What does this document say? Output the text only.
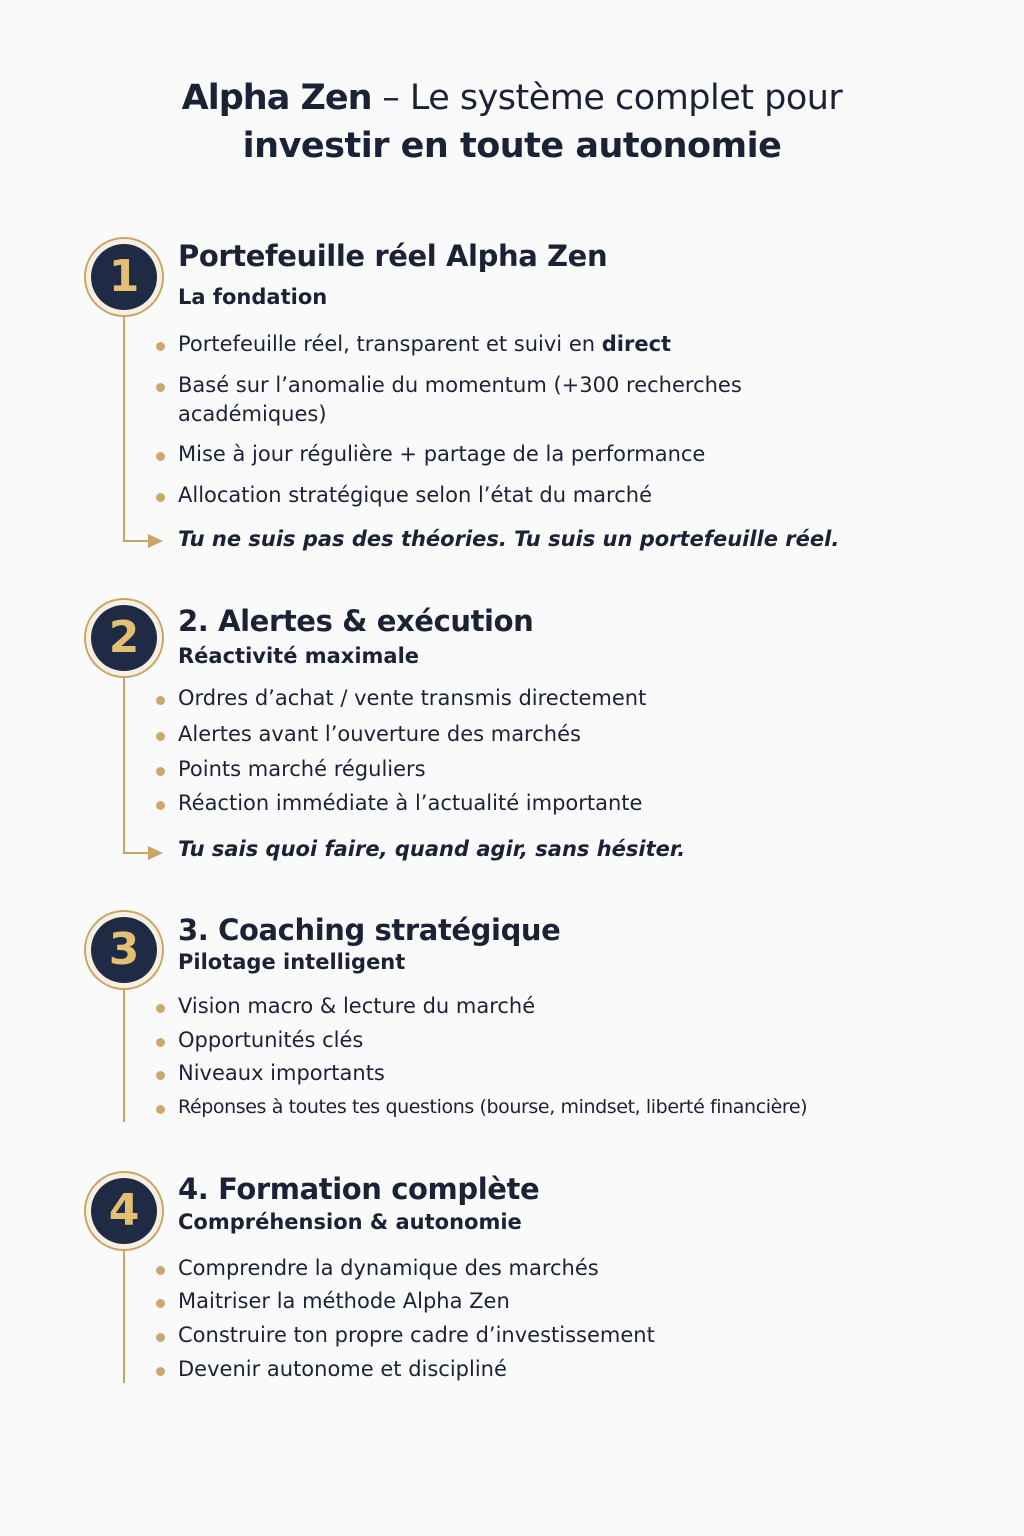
Alpha Zen – Le système complet pour
investir en toute autonomie
1	Portefeuille réel Alpha Zen
La fondation
Portefeuille réel, transparent et suivi en direct
Basé sur l’anomalie du momentum (+300 recherches académiques)
Mise à jour régulière + partage de la performance
Allocation stratégique selon l’état du marché
Tu ne suis pas des théories. Tu suis un portefeuille réel.
2	2. Alertes & exécution
Réactivité maximale
Ordres d’achat / vente transmis directement
Alertes avant l’ouverture des marchés
Points marché réguliers
Réaction immédiate à l’actualité importante
Tu sais quoi faire, quand agir, sans hésiter.
3	3. Coaching stratégique
Pilotage intelligent
Vision macro & lecture du marché
Opportunités clés
Niveaux importants
Réponses à toutes tes questions (bourse, mindset, liberté financière)
4	4. Formation complète
Compréhension & autonomie
Comprendre la dynamique des marchés
Maitriser la méthode Alpha Zen
Construire ton propre cadre d’investissement
Devenir autonome et discipliné
